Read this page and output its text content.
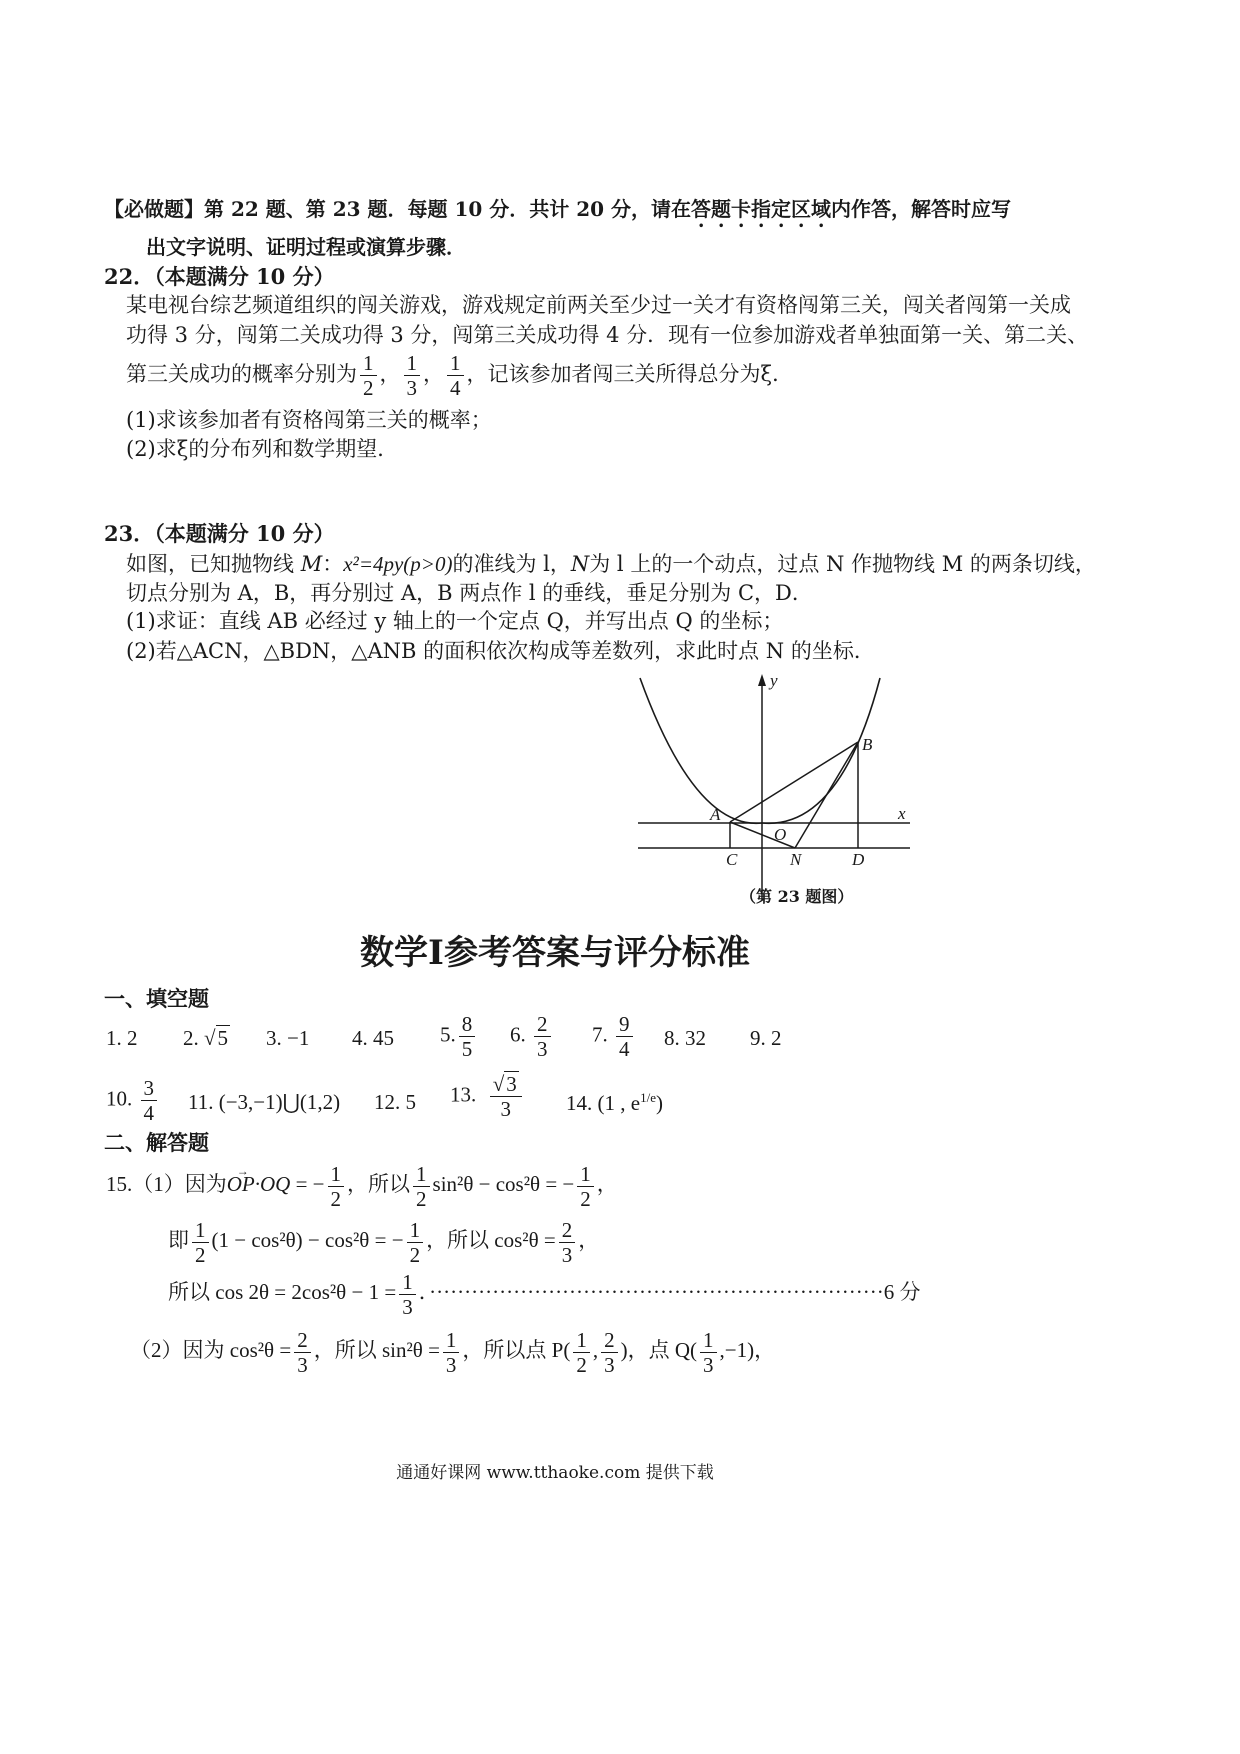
【必做题】第 22 题、第 23 题．每题 10 分．共计 20 分，请在答题卡指定区域内作答，解答时应写
出文字说明、证明过程或演算步骤．
22．（本题满分 10 分）
某电视台综艺频道组织的闯关游戏，游戏规定前两关至少过一关才有资格闯第三关，闯关者闯第一关成
功得 3 分，闯第二关成功得 3 分，闯第三关成功得 4 分．现有一位参加游戏者单独面第一关、第二关、
第三关成功的概率分别为 $\frac{1}{2}$ ， $\frac{1}{3}$ ， $\frac{1}{4}$ ，记该参加者闯三关所得总分为ξ．
(1)求该参加者有资格闯第三关的概率；
(2)求ξ的分布列和数学期望．
23．（本题满分 10 分）
如图，已知抛物线 M：x²=4py(p>0)的准线为 l，N为 l 上的一个动点，过点 N 作抛物线 M 的两条切线，
切点分别为 A，B，再分别过 A，B 两点作 l 的垂线，垂足分别为 C，D．
(1)求证：直线 AB 必经过 y 轴上的一个定点 Q，并写出点 Q 的坐标；
(2)若△ACN，△BDN，△ANB 的面积依次构成等差数列，求此时点 N 的坐标．
y
x
A
B
C	D
N
O
（第 23 题图）
数学Ⅰ参考答案与评分标准
一、填空题
1. 2 2. √5 3. −1 4. 45 5. $\frac{8}{5} 6$. $\frac{2}{3} 7$. $\frac{9}{4} 8$. 32 9. 2
10. $\frac{3}{4} 11$. (−3,−1)⋃(1,2) 12. 5 13. $\frac{√3}{3} 14$. (1 , $e^{1/e}$)
二、解答题
15.（1）因为→ OP·OQ = − $\frac{1}{2}$ ，所以 $\frac{1}{2} \sin^2\theta - \cos^2\theta$ = − $\frac{1}{2}$ ，
即 $\frac{1}{2} (1 - \cos^2\theta) - \cos^2\theta$ = − $\frac{1}{2}$ ，所以 $\cos^2\theta = \frac{2}{3}$ ，
所以 $\cos 2\theta = 2\cos^2\theta - 1 = \frac{1}{3}$ ．·································································6 分
（2）因为 $\cos^2\theta = \frac{2}{3}$ ，所以 $\sin^2\theta = \frac{1}{3}$ ，所以点 $P( \frac{1}{2}$ , $\frac{2}{3}$ )，点 $Q( \frac{1}{3} ,-1)$，
通通好课网 www.tthaoke.com 提供下载
